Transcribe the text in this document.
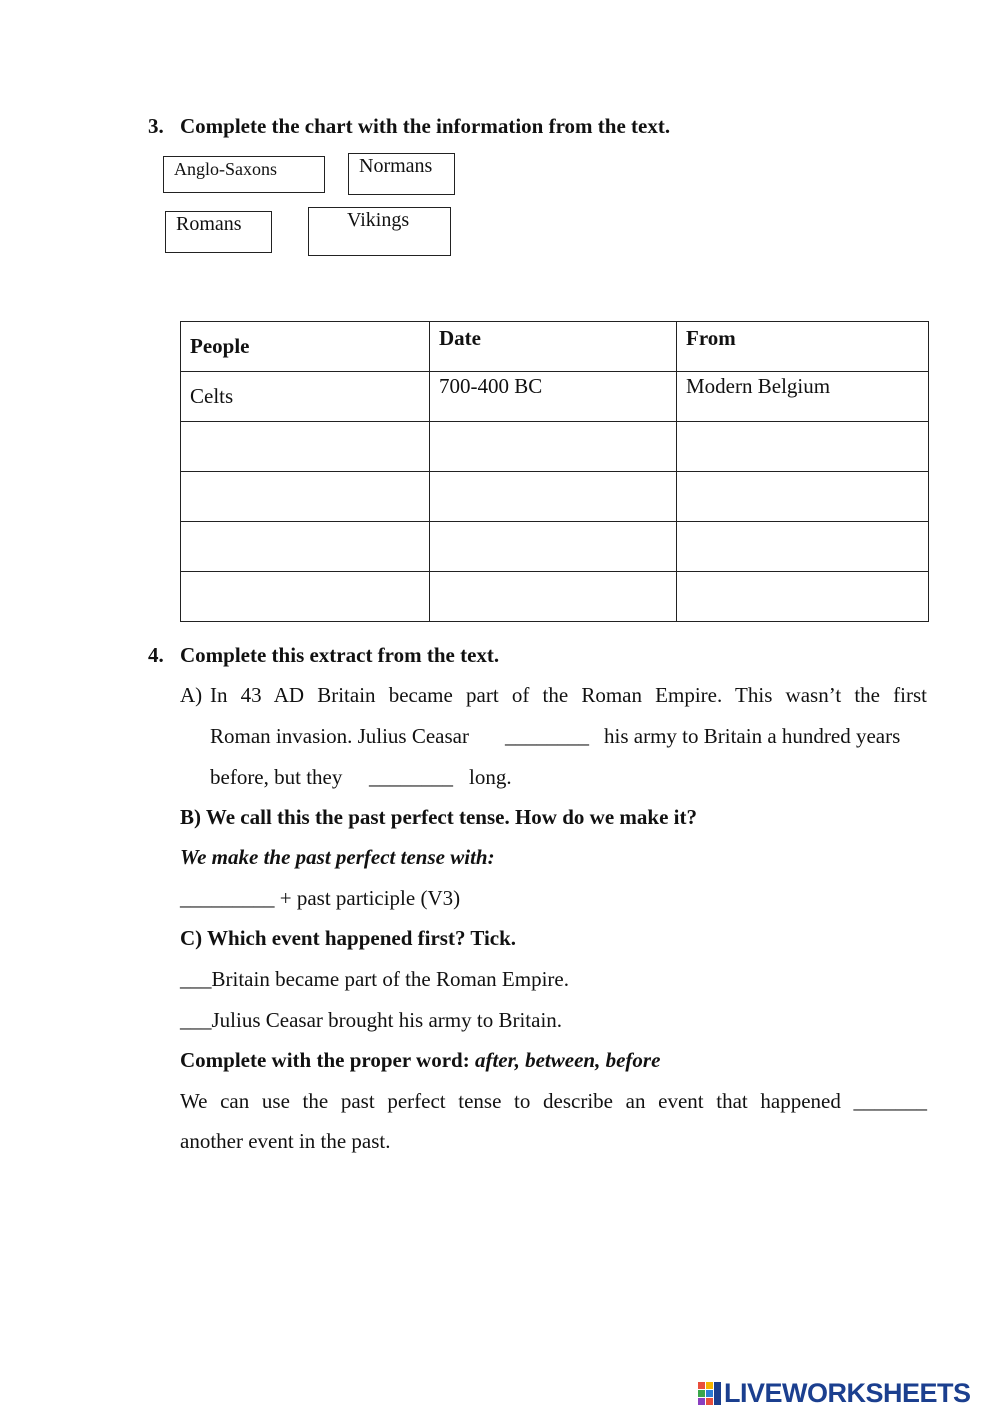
3. Complete the chart with the information from the text.
Anglo-Saxons	Normans
Romans	Vikings
People	Date	From
Celts	700-400 BC	Modern Belgium

4. Complete this extract from the text.
A) In 43 AD Britain became part of the Roman Empire. This wasn’t the first
Roman invasion. Julius Ceasar ________ his army to Britain a hundred years
before, but they ________ long.
B) We call this the past perfect tense. How do we make it?
We make the past perfect tense with:
_________ + past participle (V3)
C) Which event happened first? Tick.
___Britain became part of the Roman Empire.
___Julius Ceasar brought his army to Britain.
Complete with the proper word: after, between, before
We can use the past perfect tense to describe an event that happened _______
another event in the past.
LIVEWORKSHEETS
